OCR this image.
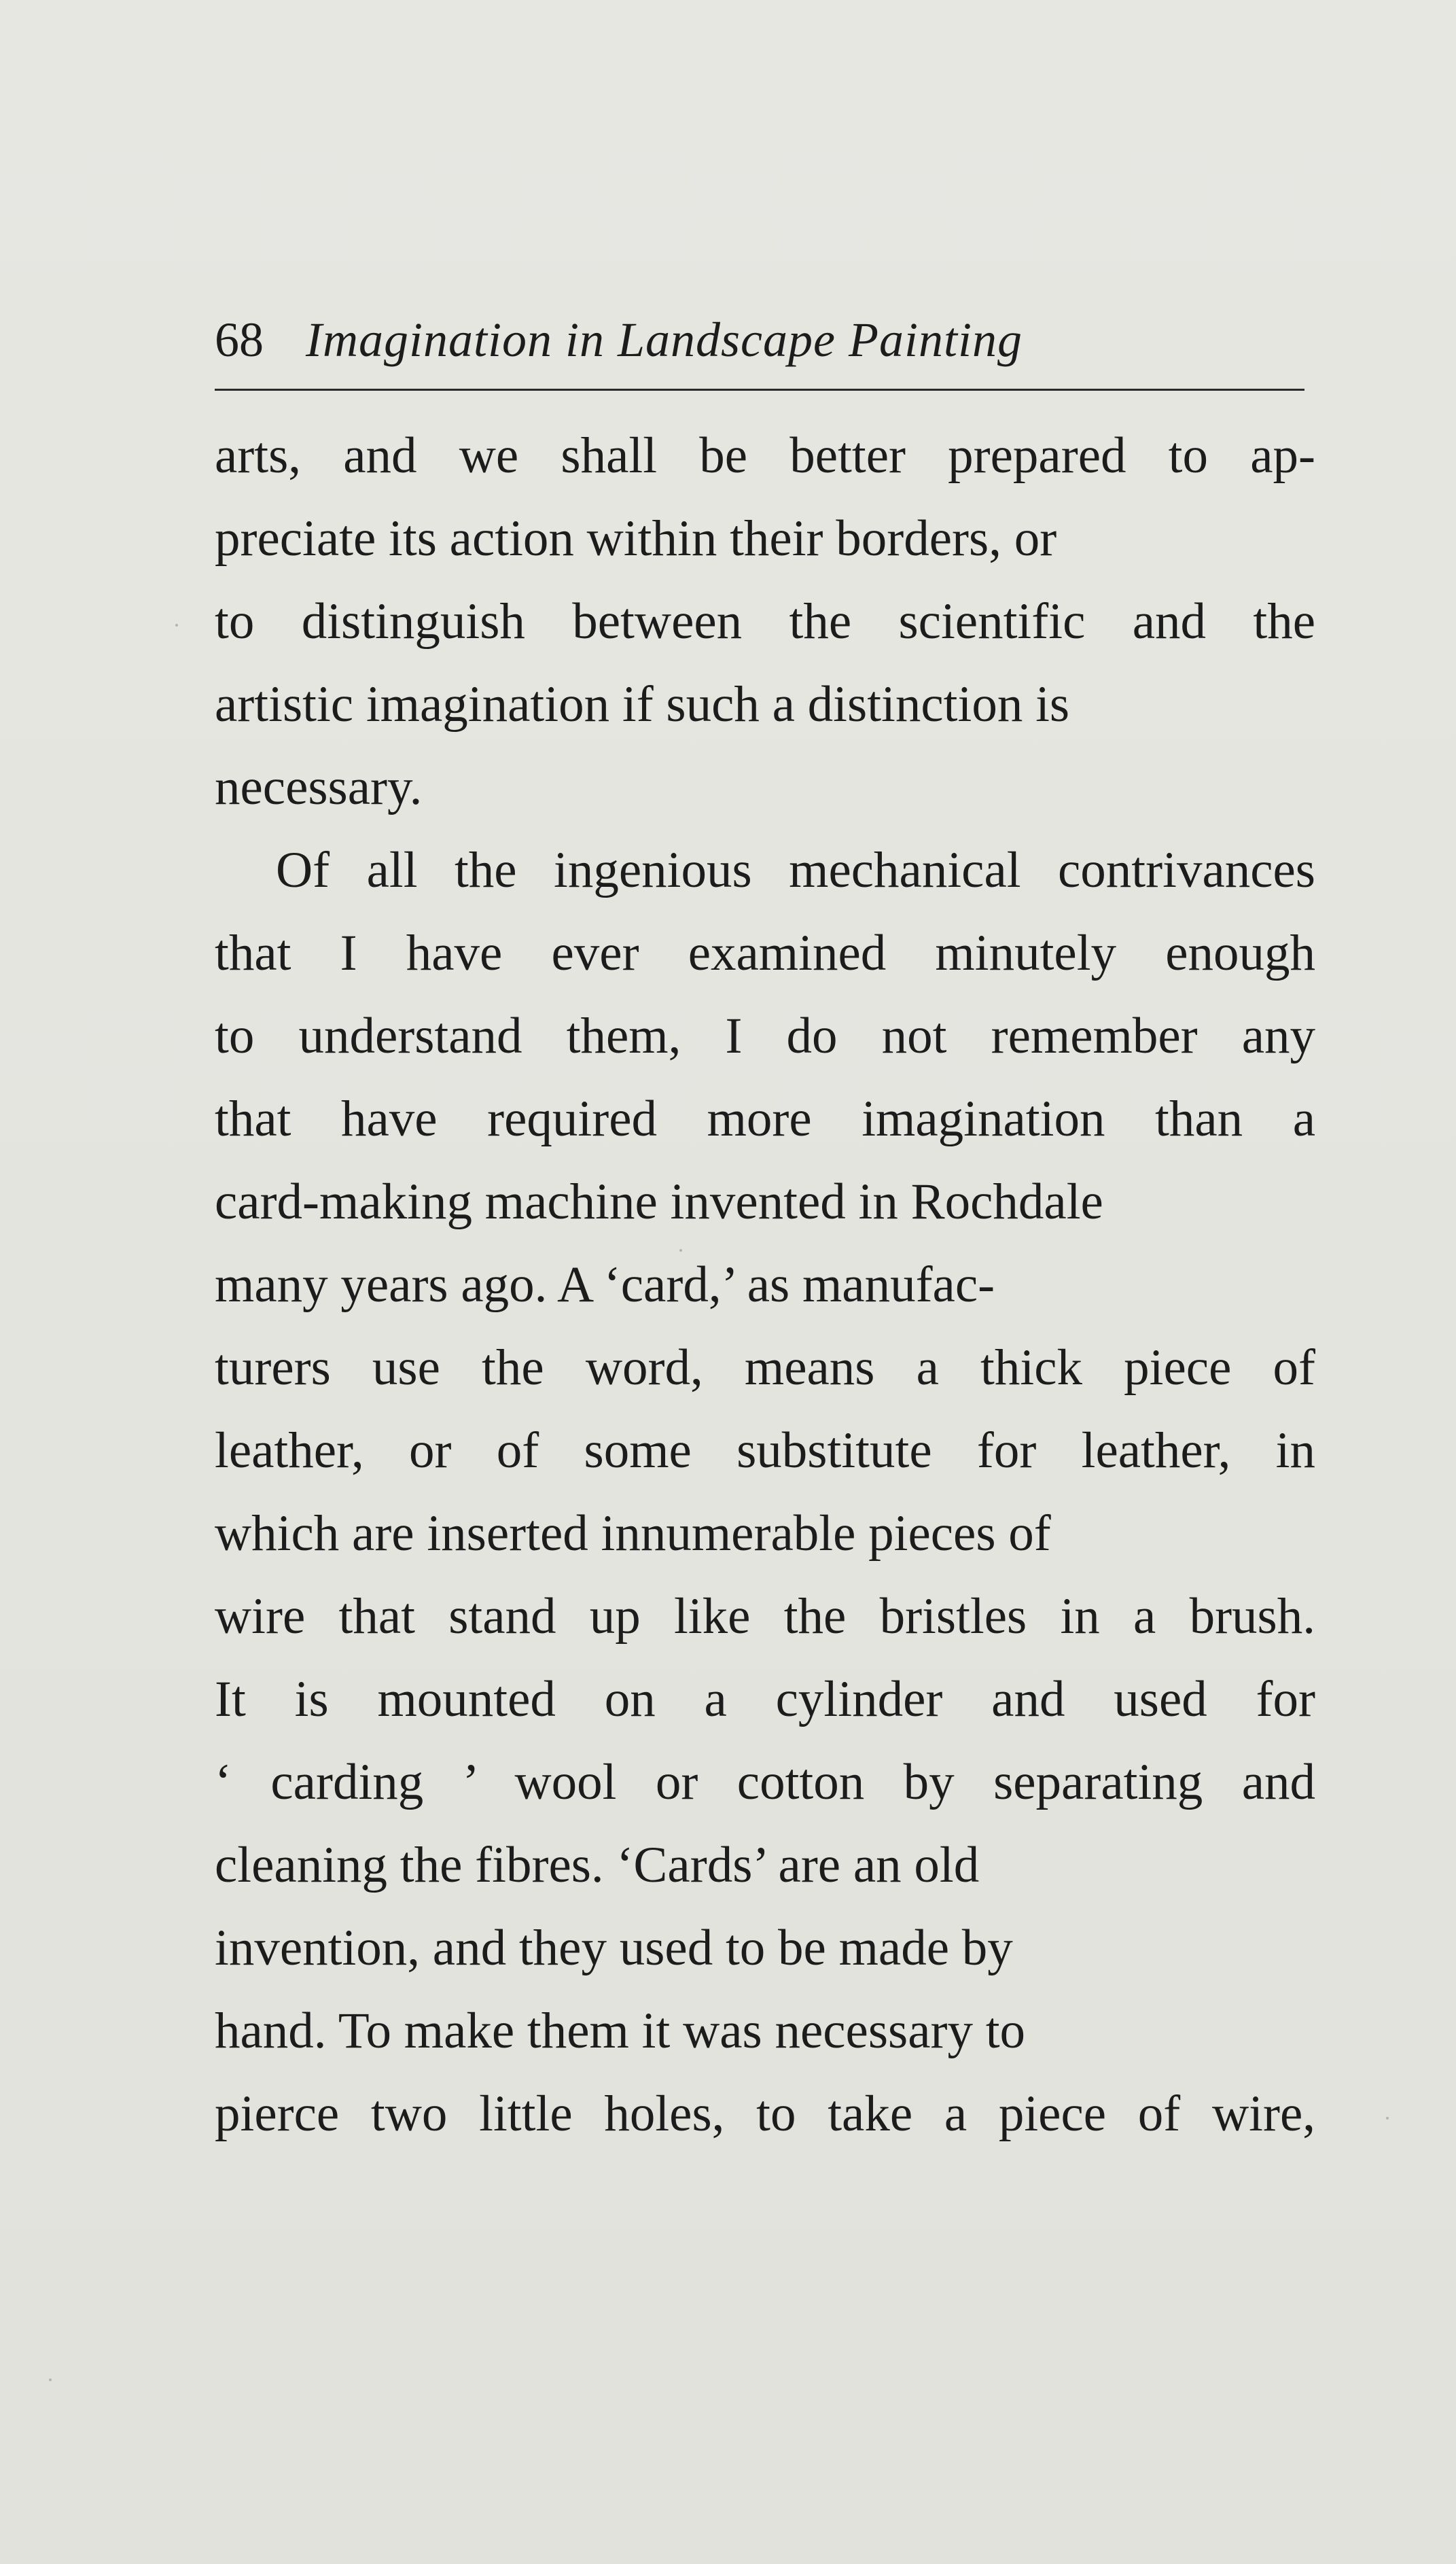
68 Imagination in Landscape Painting
arts, and we shall be better prepared to ap-
preciate its action within their borders, or
to distinguish between the scientific and the
artistic imagination if such a distinction is
necessary.
Of all the ingenious mechanical contrivances
that I have ever examined minutely enough
to understand them, I do not remember any
that have required more imagination than a
card-making machine invented in Rochdale
many years ago. A ‘card,’ as manufac-
turers use the word, means a thick piece of
leather, or of some substitute for leather, in
which are inserted innumerable pieces of
wire that stand up like the bristles in a brush.
It is mounted on a cylinder and used for
‘ carding ’ wool or cotton by separating and
cleaning the fibres. ‘Cards’ are an old
invention, and they used to be made by
hand. To make them it was necessary to
pierce two little holes, to take a piece of wire,
